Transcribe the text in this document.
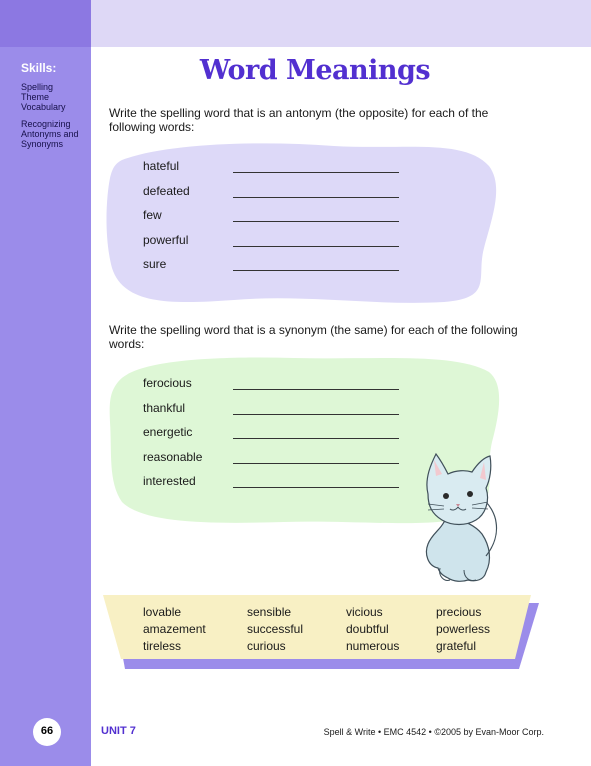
Skills:
Spelling
Theme
Vocabulary
Recognizing
Antonyms and
Synonyms
Word Meanings
Write the spelling word that is an antonym (the opposite) for each of the following words:
hateful
defeated
few
powerful
sure
Write the spelling word that is a synonym (the same) for each of the following words:
ferocious
thankful
energetic
reasonable
interested
lovable	sensible	vicious	precious
amazement	successful	doubtful	powerless
tireless	curious	numerous	grateful
66	UNIT 7	Spell & Write • EMC 4542 • ©2005 by Evan-Moor Corp.
